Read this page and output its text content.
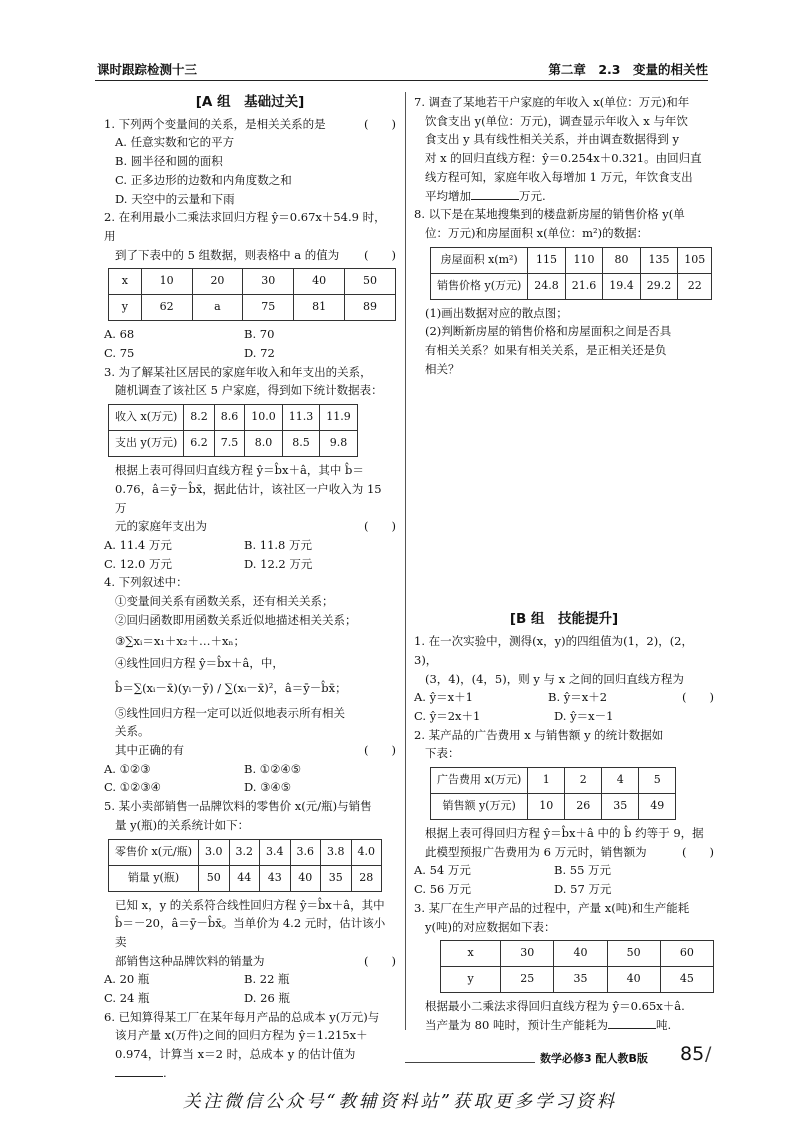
课时跟踪检测十三	第二章　2.3　变量的相关性
[A 组　基础过关]
1. 下列两个变量间的关系，是相关关系的是	(　　)
A. 任意实数和它的平方
B. 圆半径和圆的面积
C. 正多边形的边数和内角度数之和
D. 天空中的云量和下雨
2. 在利用最小二乘法求回归方程 ŷ＝0.67x＋54.9 时，用
到了下表中的 5 组数据，则表格中 a 的值为 (　　)
x	10	20	30	40	50
y	62	a	75	81	89
A. 68	B. 70
C. 75	D. 72
3. 为了解某社区居民的家庭年收入和年支出的关系，
随机调查了该社区 5 户家庭，得到如下统计数据表：
收入 x(万元)	8.2	8.6	10.0	11.3	11.9
支出 y(万元)	6.2	7.5	8.0	8.5	9.8
根据上表可得回归直线方程 ŷ＝b̂x＋â，其中 b̂＝
0.76，â＝ȳ－b̂x̄，据此估计，该社区一户收入为 15 万
元的家庭年支出为	(　　)
A. 11.4 万元	B. 11.8 万元
C. 12.0 万元	D. 12.2 万元
4. 下列叙述中：
①变量间关系有函数关系，还有相关关系；
②回归函数即用函数关系近似地描述相关关系；
③∑xᵢ＝x₁＋x₂＋…＋xₙ；
④线性回归方程 ŷ＝b̂x＋â，中，
b̂＝∑(xᵢ－x̄)(yᵢ－ȳ) / ∑(xᵢ－x̄)²，â＝ȳ－b̂x̄；
⑤线性回归方程一定可以近似地表示所有相关
关系。
其中正确的有	(　　)
A. ①②③	B. ①②④⑤
C. ①②③④	D. ③④⑤
5. 某小卖部销售一品牌饮料的零售价 x(元/瓶)与销售
量 y(瓶)的关系统计如下：
零售价 x(元/瓶)	3.0	3.2	3.4	3.6	3.8	4.0
销量 y(瓶)	50	44	43	40	35	28
已知 x，y 的关系符合线性回归方程 ŷ＝b̂x＋â，其中
b̂＝－20，â＝ȳ－b̂x̄。当单价为 4.2 元时，估计该小卖
部销售这种品牌饮料的销量为	(　　)
A. 20 瓶	B. 22 瓶
C. 24 瓶	D. 26 瓶
6. 已知算得某工厂在某年每月产品的总成本 y(万元)与
该月产量 x(万件)之间的回归方程为 ŷ＝1.215x＋
0.974，计算当 x＝2 时，总成本 y 的估计值为.
7. 调查了某地若干户家庭的年收入 x(单位：万元)和年
饮食支出 y(单位：万元)，调查显示年收入 x 与年饮
食支出 y 具有线性相关关系，并由调查数据得到 y
对 x 的回归直线方程：ŷ＝0.254x＋0.321。由回归直
线方程可知，家庭年收入每增加 1 万元，年饮食支出
平均增加	万元.
8. 以下是在某地搜集到的楼盘新房屋的销售价格 y(单
位：万元)和房屋面积 x(单位：m²)的数据：
房屋面积 x(m²)	115	110	80	135	105
销售价格 y(万元)	24.8	21.6	19.4	29.2	22
(1)画出数据对应的散点图；
(2)判断新房屋的销售价格和房屋面积之间是否具
有相关关系？如果有相关关系，是正相关还是负
相关？
[B 组　技能提升]
1. 在一次实验中，测得(x，y)的四组值为(1，2)，(2，3)，
(3，4)，(4，5)，则 y 与 x 之间的回归直线方程为
(　　)
A. ŷ＝x＋1	B. ŷ＝x＋2
C. ŷ＝2x＋1	D. ŷ＝x－1
2. 某产品的广告费用 x 与销售额 y 的统计数据如
下表：
广告费用 x(万元)	1	2	4	5
销售额 y(万元)	10	26	35	49
根据上表可得回归方程 ŷ＝b̂x＋â 中的 b̂ 约等于 9，据
此模型预报广告费用为 6 万元时，销售额为	(　　)
A. 54 万元	B. 55 万元
C. 56 万元	D. 57 万元
3. 某厂在生产甲产品的过程中，产量 x(吨)和生产能耗
y(吨)的对应数据如下表：
x	30	40	50	60
y	25	35	40	45
根据最小二乘法求得回归直线方程为 ŷ＝0.65x＋â.
当产量为 80 吨时，预计生产能耗为	吨.
数学必修3 配人教B版 85 /
关注微信公众号“教辅资料站”获取更多学习资料
